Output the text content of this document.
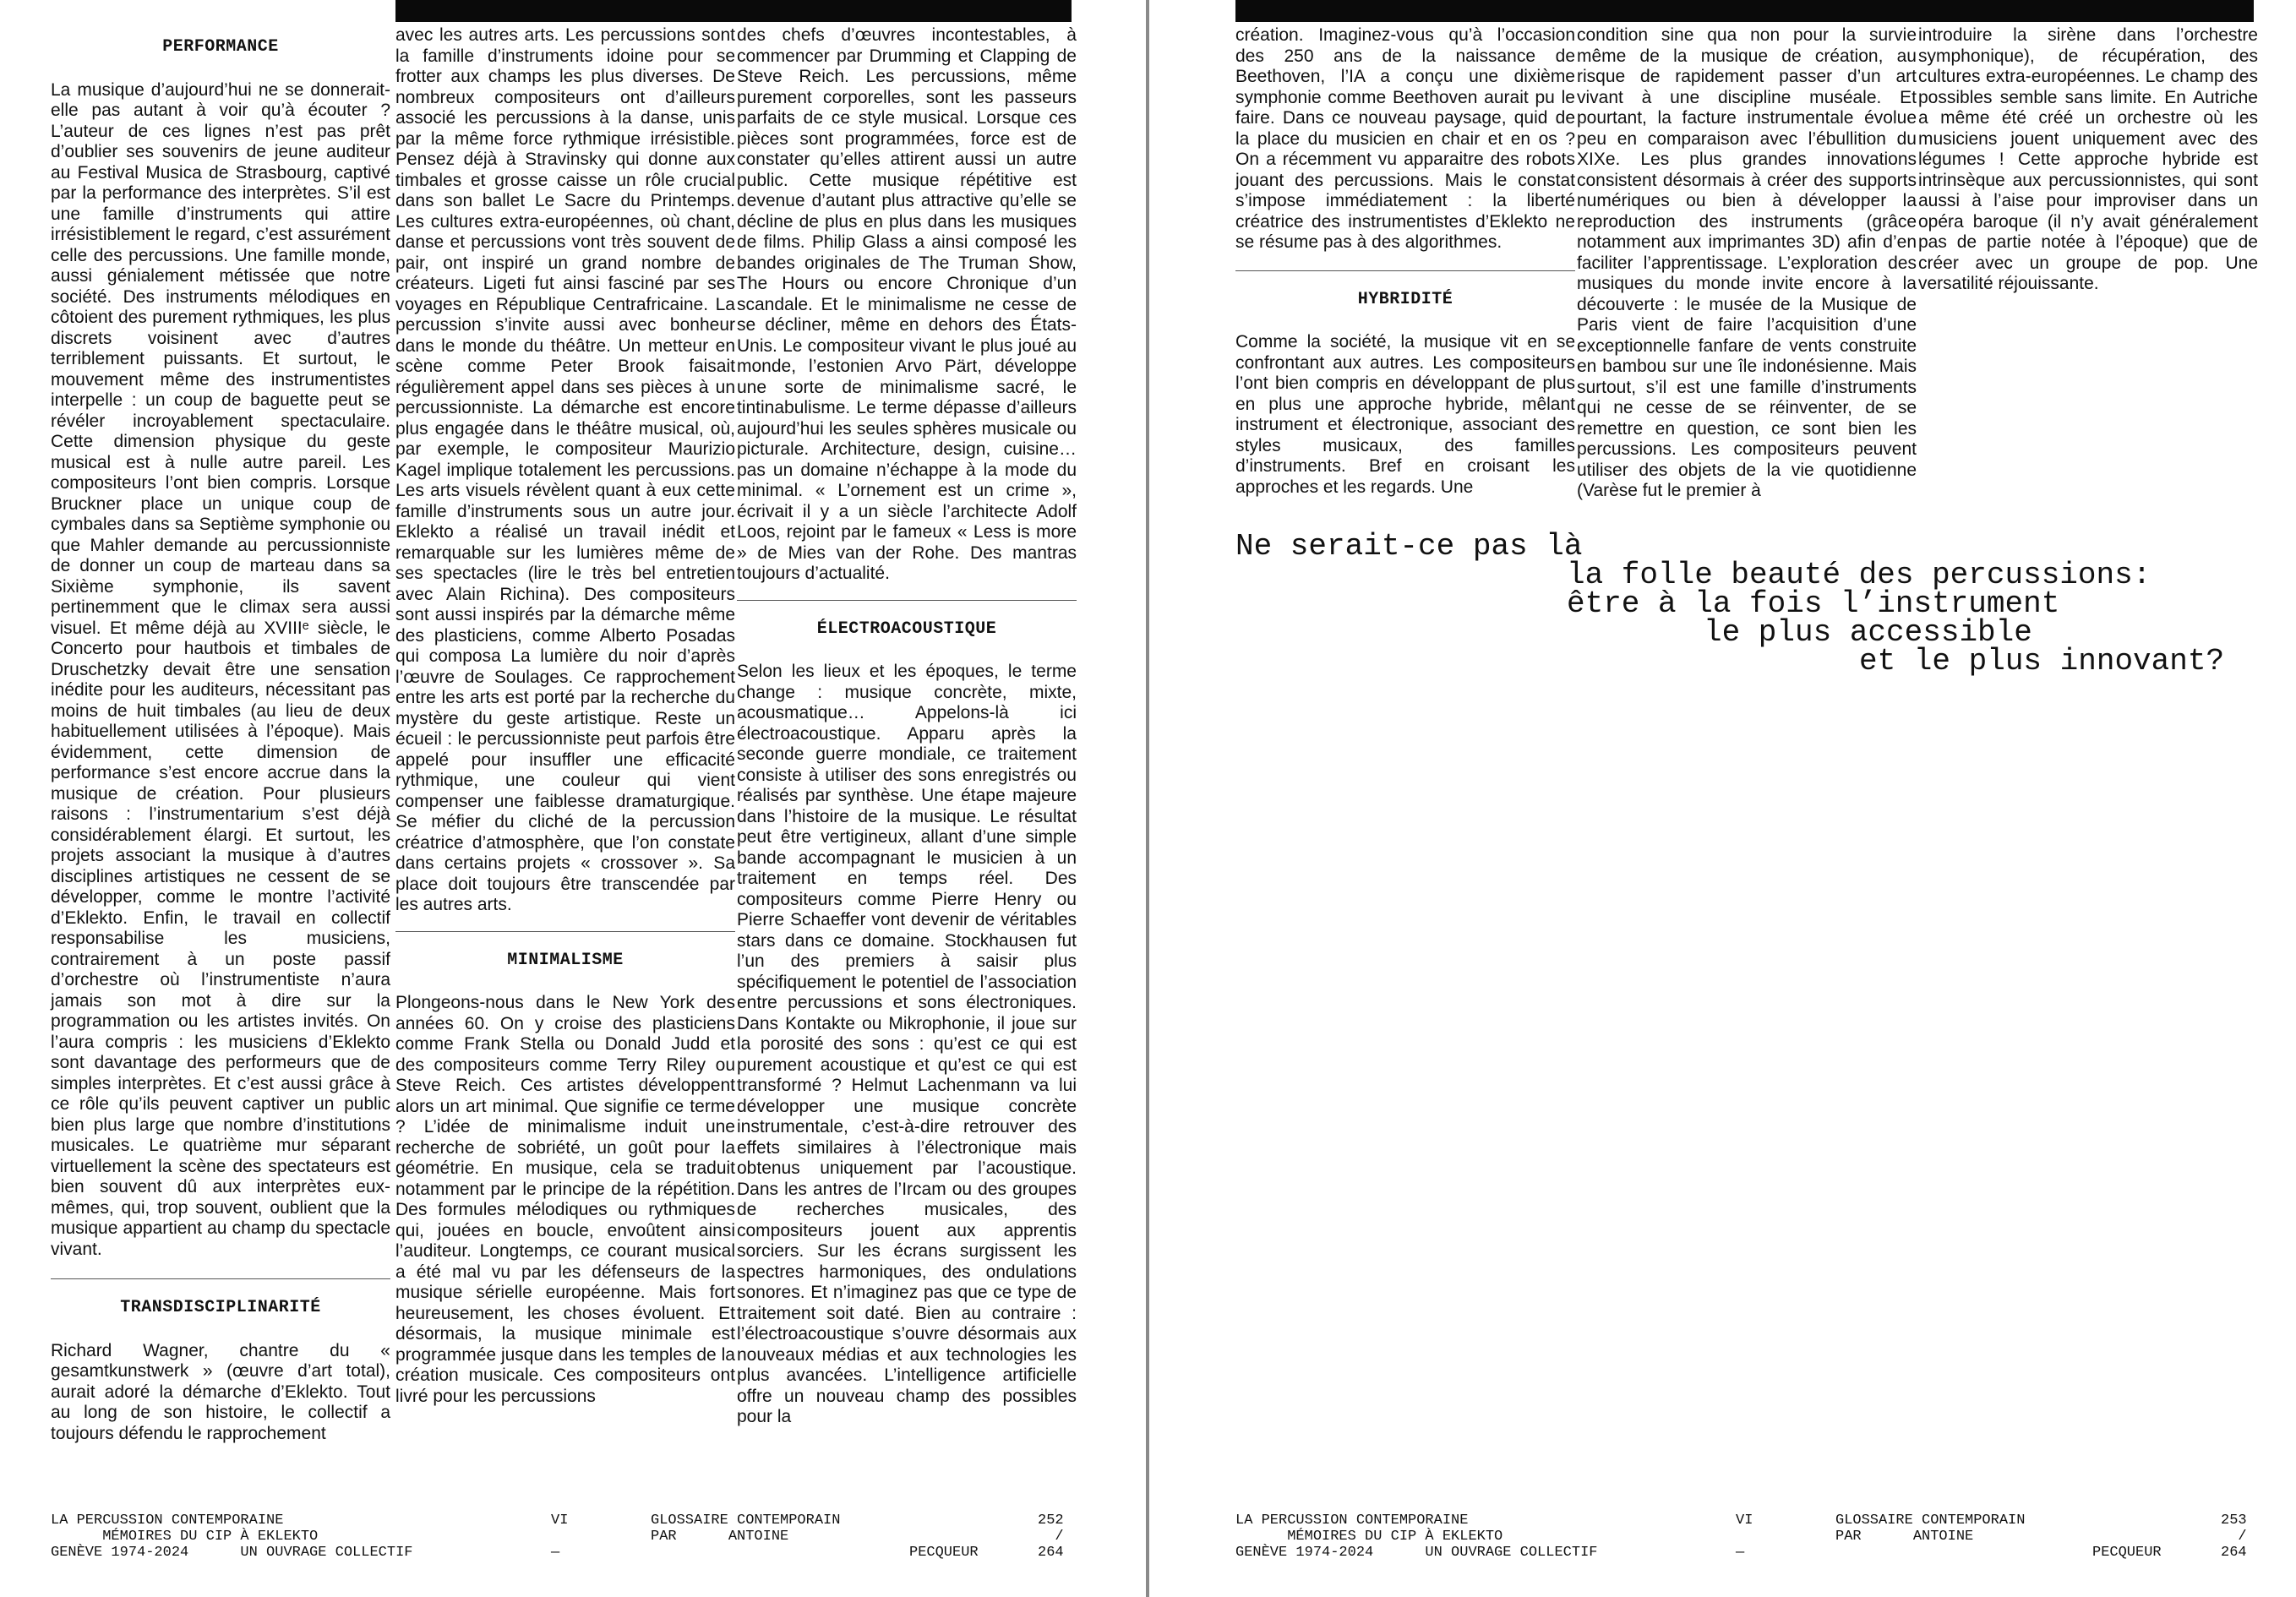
PERFORMANCE

La musique d’aujourd’hui ne se donnerait-elle pas autant à voir qu’à écouter ? L’auteur de ces lignes n’est pas prêt d’oublier ses souvenirs de jeune auditeur au Festival Musica de Strasbourg, captivé par la performance des interprètes. S’il est une famille d’instruments qui attire irrésistiblement le regard, c’est assurément celle des percussions. Une famille monde, aussi génialement métissée que notre société. Des instruments mélodiques en côtoient des purement rythmiques, les plus discrets voisinent avec d’autres terriblement puissants. Et surtout, le mouvement même des instrumentistes interpelle : un coup de baguette peut se révéler incroyablement spectaculaire. Cette dimension physique du geste musical est à nulle autre pareil. Les compositeurs l’ont bien compris. Lorsque Bruckner place un unique coup de cymbales dans sa Septième symphonie ou que Mahler demande au percussionniste de donner un coup de marteau dans sa Sixième symphonie, ils savent pertinemment que le climax sera aussi visuel. Et même déjà au XVIIIᵉ siècle, le Concerto pour hautbois et timbales de Druschetzky devait être une sensation inédite pour les auditeurs, nécessitant pas moins de huit timbales (au lieu de deux habituellement utilisées à l’époque). Mais évidemment, cette dimension de performance s’est encore accrue dans la musique de création. Pour plusieurs raisons : l’instrumentarium s’est déjà considérablement élargi. Et surtout, les projets associant la musique à d’autres disciplines artistiques ne cessent de se développer, comme le montre l’activité d’Eklekto. Enfin, le travail en collectif responsabilise les musiciens, contrairement à un poste passif d’orchestre où l’instrumentiste n’aura jamais son mot à dire sur la programmation ou les artistes invités. On l’aura compris : les musiciens d’Eklekto sont davantage des performeurs que de simples interprètes. Et c’est aussi grâce à ce rôle qu’ils peuvent captiver un public bien plus large que nombre d’institutions musicales. Le quatrième mur séparant virtuellement la scène des spectateurs est bien souvent dû aux interprètes eux-mêmes, qui, trop souvent, oublient que la musique appartient au champ du spectacle vivant.

TRANSDISCIPLINARITÉ

Richard Wagner, chantre du « gesamtkunstwerk » (œuvre d’art total), aurait adoré la démarche d’Eklekto. Tout au long de son histoire, le collectif a toujours défendu le rapprochement

avec les autres arts. Les percussions sont la famille d’instruments idoine pour se frotter aux champs les plus diverses. De nombreux compositeurs ont d’ailleurs associé les percussions à la danse, unis par la même force rythmique irrésistible. Pensez déjà à Stravinsky qui donne aux timbales et grosse caisse un rôle crucial dans son ballet Le Sacre du Printemps. Les cultures extra-européennes, où chant, danse et percussions vont très souvent de pair, ont inspiré un grand nombre de créateurs. Ligeti fut ainsi fasciné par ses voyages en République Centrafricaine. La percussion s’invite aussi avec bonheur dans le monde du théâtre. Un metteur en scène comme Peter Brook faisait régulièrement appel dans ses pièces à un percussionniste. La démarche est encore plus engagée dans le théâtre musical, où, par exemple, le compositeur Maurizio Kagel implique totalement les percussions. Les arts visuels révèlent quant à eux cette famille d’instruments sous un autre jour. Eklekto a réalisé un travail inédit et remarquable sur les lumières même de ses spectacles (lire le très bel entretien avec Alain Richina). Des compositeurs sont aussi inspirés par la démarche même des plasticiens, comme Alberto Posadas qui composa La lumière du noir d’après l’œuvre de Soulages. Ce rapprochement entre les arts est porté par la recherche du mystère du geste artistique. Reste un écueil : le percussionniste peut parfois être appelé pour insuffler une efficacité rythmique, une couleur qui vient compenser une faiblesse dramaturgique. Se méfier du cliché de la percussion créatrice d’atmosphère, que l’on constate dans certains projets « crossover ». Sa place doit toujours être transcendée par les autres arts.

MINIMALISME

Plongeons-nous dans le New York des années 60. On y croise des plasticiens comme Frank Stella ou Donald Judd et des compositeurs comme Terry Riley ou Steve Reich. Ces artistes développent alors un art minimal. Que signifie ce terme ? L’idée de minimalisme induit une recherche de sobriété, un goût pour la géométrie. En musique, cela se traduit notamment par le principe de la répétition. Des formules mélodiques ou rythmiques qui, jouées en boucle, envoûtent ainsi l’auditeur. Longtemps, ce courant musical a été mal vu par les défenseurs de la musique sérielle européenne. Mais fort heureusement, les choses évoluent. Et désormais, la musique minimale est programmée jusque dans les temples de la création musicale. Ces compositeurs ont livré pour les percussions

des chefs d’œuvres incontestables, à commencer par Drumming et Clapping de Steve Reich. Les percussions, même purement corporelles, sont les passeurs parfaits de ce style musical. Lorsque ces pièces sont programmées, force est de constater qu’elles attirent aussi un autre public. Cette musique répétitive est devenue d’autant plus attractive qu’elle se décline de plus en plus dans les musiques de films. Philip Glass a ainsi composé les bandes originales de The Truman Show, The Hours ou encore Chronique d’un scandale. Et le minimalisme ne cesse de se décliner, même en dehors des États-Unis. Le compositeur vivant le plus joué au monde, l’estonien Arvo Pärt, développe une sorte de minimalisme sacré, le tintinabulisme. Le terme dépasse d’ailleurs aujourd’hui les seules sphères musicale ou picturale. Architecture, design, cuisine… pas un domaine n’échappe à la mode du minimal. « L’ornement est un crime », écrivait il y a un siècle l’architecte Adolf Loos, rejoint par le fameux « Less is more » de Mies van der Rohe. Des mantras toujours d’actualité.

ÉLECTROACOUSTIQUE

Selon les lieux et les époques, le terme change : musique concrète, mixte, acousmatique… Appelons-là ici électroacoustique. Apparu après la seconde guerre mondiale, ce traitement consiste à utiliser des sons enregistrés ou réalisés par synthèse. Une étape majeure dans l’histoire de la musique. Le résultat peut être vertigineux, allant d’une simple bande accompagnant le musicien à un traitement en temps réel. Des compositeurs comme Pierre Henry ou Pierre Schaeffer vont devenir de véritables stars dans ce domaine. Stockhausen fut l’un des premiers à saisir plus spécifiquement le potentiel de l’association entre percussions et sons électroniques. Dans Kontakte ou Mikrophonie, il joue sur la porosité des sons : qu’est ce qui est purement acoustique et qu’est ce qui est transformé ? Helmut Lachenmann va lui développer une musique concrète instrumentale, c’est-à-dire retrouver des effets similaires à l’électronique mais obtenus uniquement par l’acoustique. Dans les antres de l’Ircam ou des groupes de recherches musicales, des compositeurs jouent aux apprentis sorciers. Sur les écrans surgissent les spectres harmoniques, des ondulations sonores. Et n’imaginez pas que ce type de traitement soit daté. Bien au contraire : l’électroacoustique s’ouvre désormais aux nouveaux médias et aux technologies les plus avancées. L’intelligence artificielle offre un nouveau champ des possibles pour la

LA PERCUSSION CONTEMPORAINE
MÉMOIRES DU CIP À EKLEKTO
GENÈVE 1974-2024      UN OUVRAGE COLLECTIF
VI

—
GLOSSAIRE CONTEMPORAIN
PAR      ANTOINE

PECQUEUR
252
/
264

création. Imaginez-vous qu’à l’occasion des 250 ans de la naissance de Beethoven, l’IA a conçu une dixième symphonie comme Beethoven aurait pu le faire. Dans ce nouveau paysage, quid de la place du musicien en chair et en os ? On a récemment vu apparaitre des robots jouant des percussions. Mais le constat s’impose immédiatement : la liberté créatrice des instrumentistes d’Eklekto ne se résume pas à des algorithmes.

HYBRIDITÉ

Comme la société, la musique vit en se confrontant aux autres. Les compositeurs l’ont bien compris en développant de plus en plus une approche hybride, mêlant instrument et électronique, associant des styles musicaux, des familles d’instruments. Bref en croisant les approches et les regards. Une

condition sine qua non pour la survie même de la musique de création, au risque de rapidement passer d’un art vivant à une discipline muséale. Et pourtant, la facture instrumentale évolue peu en comparaison avec l’ébullition du XIXe. Les plus grandes innovations consistent désormais à créer des supports numériques ou bien à développer la reproduction des instruments (grâce notamment aux imprimantes 3D) afin d’en faciliter l’apprentissage. L’exploration des musiques du monde invite encore à la découverte : le musée de la Musique de Paris vient de faire l’acquisition d’une exceptionnelle fanfare de vents construite en bambou sur une île indonésienne. Mais surtout, s’il est une famille d’instruments qui ne cesse de se réinventer, de se remettre en question, ce sont bien les percussions. Les compositeurs peuvent utiliser des objets de la vie quotidienne (Varèse fut le premier à

introduire la sirène dans l’orchestre symphonique), de récupération, des cultures extra-européennes. Le champ des possibles semble sans limite. En Autriche a même été créé un orchestre où les musiciens jouent uniquement avec des légumes ! Cette approche hybride est intrinsèque aux percussionnistes, qui sont aussi à l’aise pour improviser dans un opéra baroque (il n’y avait généralement pas de partie notée à l’époque) que de créer avec un groupe de pop. Une versatilité réjouissante.

Ne serait-ce pas là
la folle beauté des percussions:
être à la fois l’instrument
le plus accessible
et le plus innovant?
LA PERCUSSION CONTEMPORAINE
MÉMOIRES DU CIP À EKLEKTO
GENÈVE 1974-2024      UN OUVRAGE COLLECTIF
VI

—
GLOSSAIRE CONTEMPORAIN
PAR      ANTOINE

PECQUEUR
253
/
264
